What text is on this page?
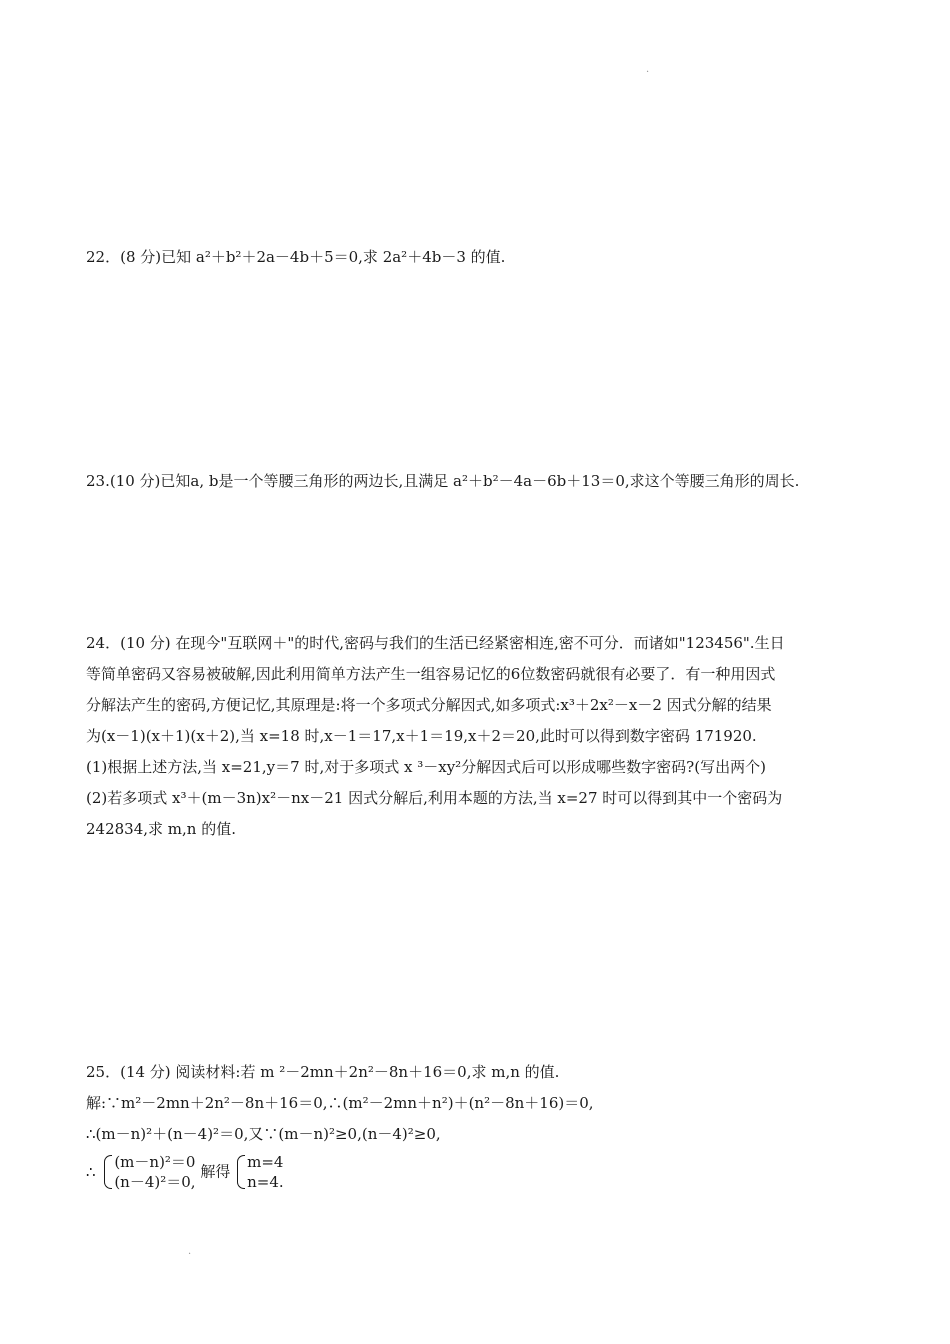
·
22．(8 分)已知 a²＋b²＋2a－4b＋5＝0,求 2a²＋4b－3 的值.
23.(10 分)已知a, b是一个等腰三角形的两边长,且满足 a²＋b²－4a－6b＋13＝0,求这个等腰三角形的周长.
24．(10 分) 在现今"互联网＋"的时代,密码与我们的生活已经紧密相连,密不可分．而诸如"123456".生日
等简单密码又容易被破解,因此利用简单方法产生一组容易记忆的6位数密码就很有必要了．有一种用因式
分解法产生的密码,方便记忆,其原理是:将一个多项式分解因式,如多项式:x³＋2x²－x－2 因式分解的结果
为(x－1)(x＋1)(x＋2),当 x=18 时,x－1＝17,x＋1＝19,x＋2＝20,此时可以得到数字密码 171920.
(1)根据上述方法,当 x=21,y＝7 时,对于多项式 x ³－xy²分解因式后可以形成哪些数字密码?(写出两个)
(2)若多项式 x³＋(m－3n)x²－nx－21 因式分解后,利用本题的方法,当 x=27 时可以得到其中一个密码为
242834,求 m,n 的值.
25．(14 分) 阅读材料:若 m ²－2mn＋2n²－8n＋16＝0,求 m,n 的值.
解:∵m²－2mn＋2n²－8n＋16＝0,∴(m²－2mn＋n²)＋(n²－8n＋16)＝0,
∴(m－n)²＋(n－4)²＝0,又∵(m－n)²≥0,(n－4)²≥0,
∴
(m－n)²＝0
(n－4)²＝0,
解得
m=4
n=4.
·
